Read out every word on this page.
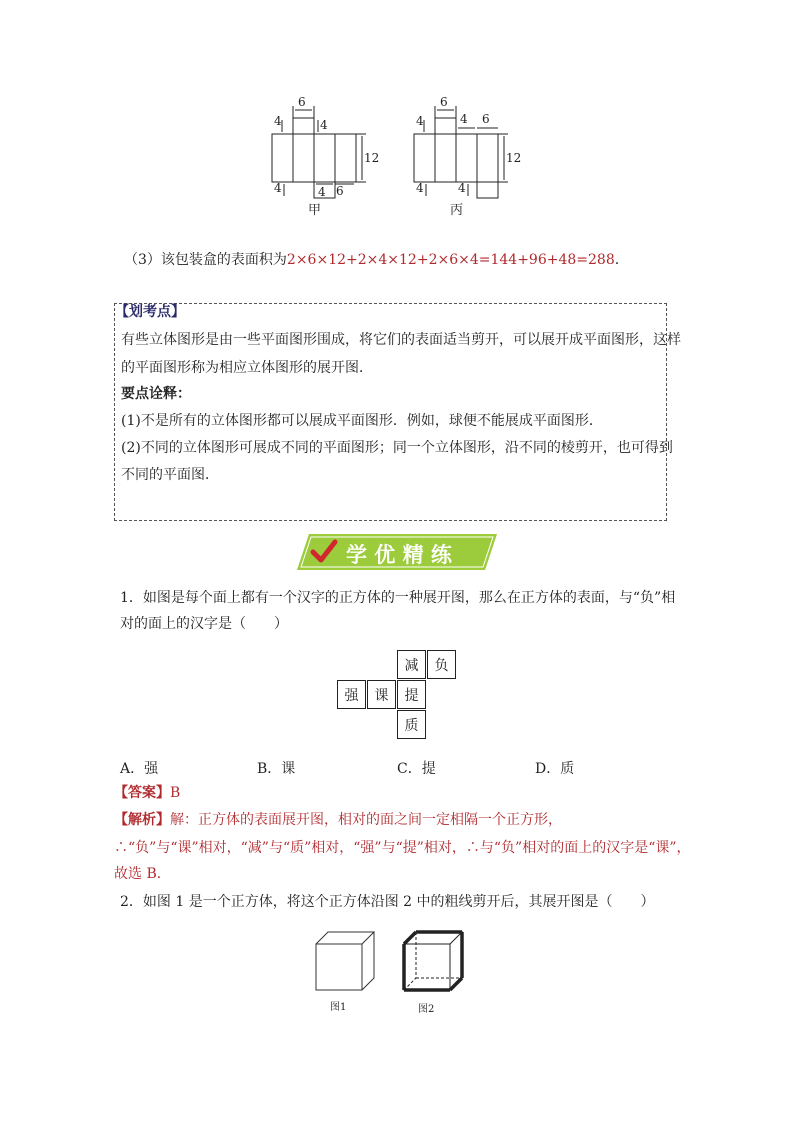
6
4	4
12
4	4 6
甲
6
4	4 6
12
4	4
丙
（3）该包装盒的表面积为2×6×12+2×4×12+2×6×4=144+96+48=288.
【划考点】
有些立体图形是由一些平面图形围成，将它们的表面适当剪开，可以展开成平面图形，这样
的平面图形称为相应立体图形的展开图．
要点诠释：
(1)不是所有的立体图形都可以展成平面图形．例如，球便不能展成平面图形．
(2)不同的立体图形可展成不同的平面图形；同一个立体图形，沿不同的棱剪开，也可得到
不同的平面图．
学 优 精 练
1．如图是每个面上都有一个汉字的正方体的一种展开图，那么在正方体的表面，与“负”相
对的面上的汉字是（　　）
减	负
强	课	提
质
A．强	B．课	C．提	D．质
【答案】B
【解析】解：正方体的表面展开图，相对的面之间一定相隔一个正方形，
∴“负”与“课”相对，“减”与“质”相对，“强”与“提”相对，∴与“负”相对的面上的汉字是“课”，
故选 B．
2．如图 1 是一个正方体，将这个正方体沿图 2 中的粗线剪开后，其展开图是（　　）
图1	图2
